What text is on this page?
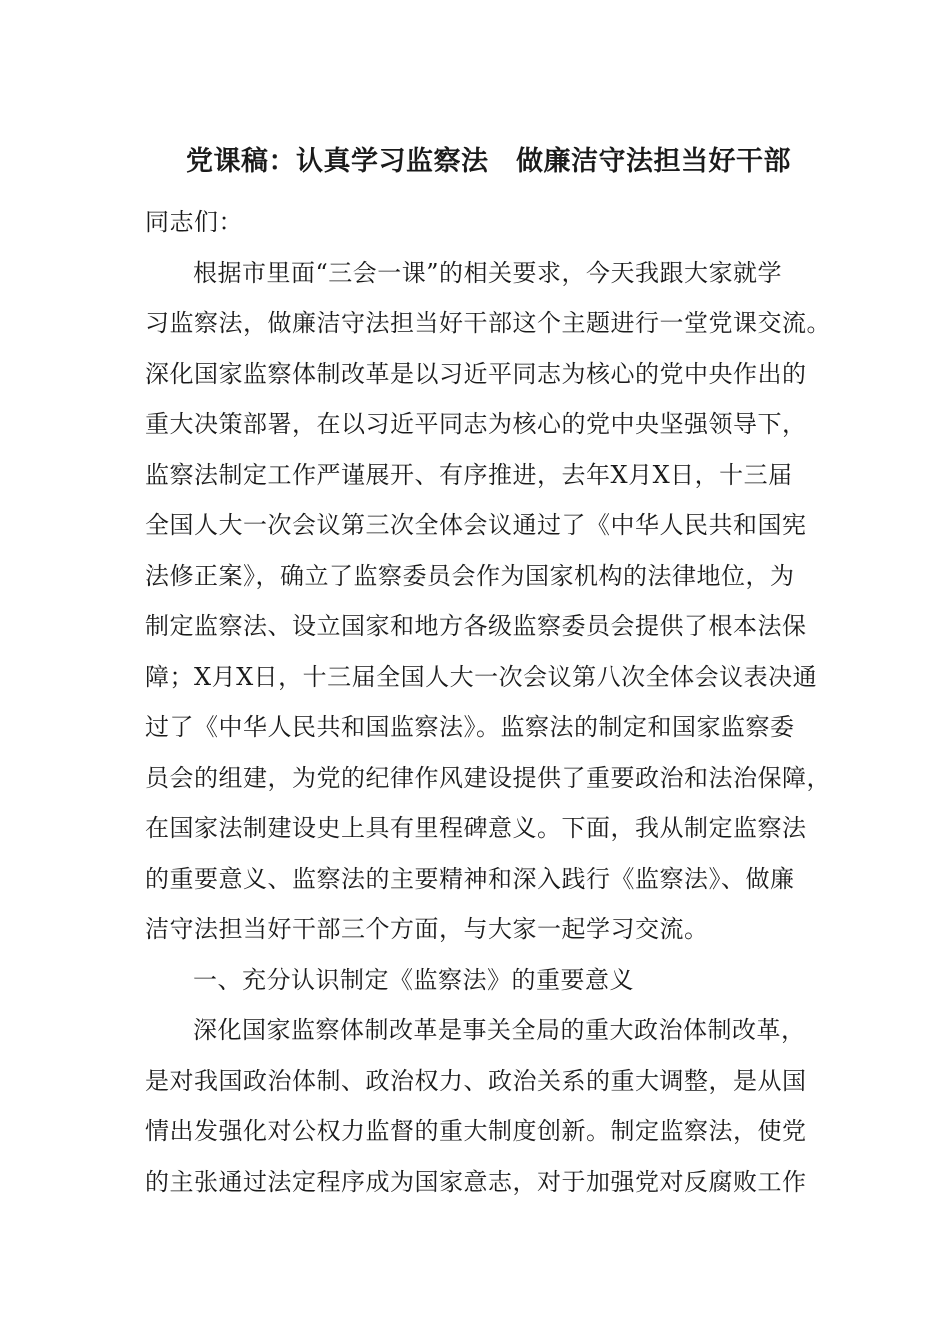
党课稿：认真学习监察法　做廉洁守法担当好干部
同志们：
根据市里面“三会一课”的相关要求，今天我跟大家就学
习监察法，做廉洁守法担当好干部这个主题进行一堂党课交流。
深化国家监察体制改革是以习近平同志为核心的党中央作出的
重大决策部署，在以习近平同志为核心的党中央坚强领导下，
监察法制定工作严谨展开、有序推进，去年X月X日，十三届
全国人大一次会议第三次全体会议通过了《中华人民共和国宪
法修正案》，确立了监察委员会作为国家机构的法律地位，为
制定监察法、设立国家和地方各级监察委员会提供了根本法保
障；X月X日，十三届全国人大一次会议第八次全体会议表决通
过了《中华人民共和国监察法》。监察法的制定和国家监察委
员会的组建，为党的纪律作风建设提供了重要政治和法治保障，
在国家法制建设史上具有里程碑意义。下面，我从制定监察法
的重要意义、监察法的主要精神和深入践行《监察法》、做廉
洁守法担当好干部三个方面，与大家一起学习交流。
一、充分认识制定《监察法》的重要意义
深化国家监察体制改革是事关全局的重大政治体制改革，
是对我国政治体制、政治权力、政治关系的重大调整，是从国
情出发强化对公权力监督的重大制度创新。制定监察法，使党
的主张通过法定程序成为国家意志，对于加强党对反腐败工作
